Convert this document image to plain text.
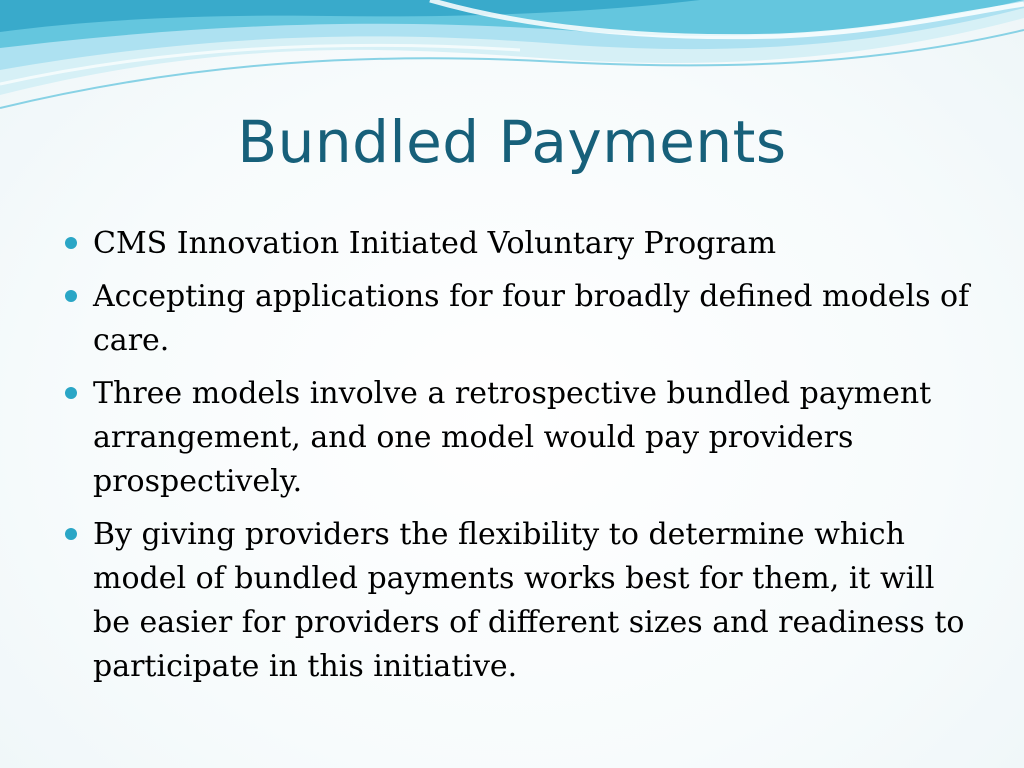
Bundled Payments
CMS Innovation Initiated Voluntary Program
Accepting applications for four broadly defined models of care.
Three models involve a retrospective bundled payment arrangement, and one model would pay providers prospectively.
By giving providers the flexibility to determine which model of bundled payments works best for them, it will be easier for providers of different sizes and readiness to participate in this initiative.
